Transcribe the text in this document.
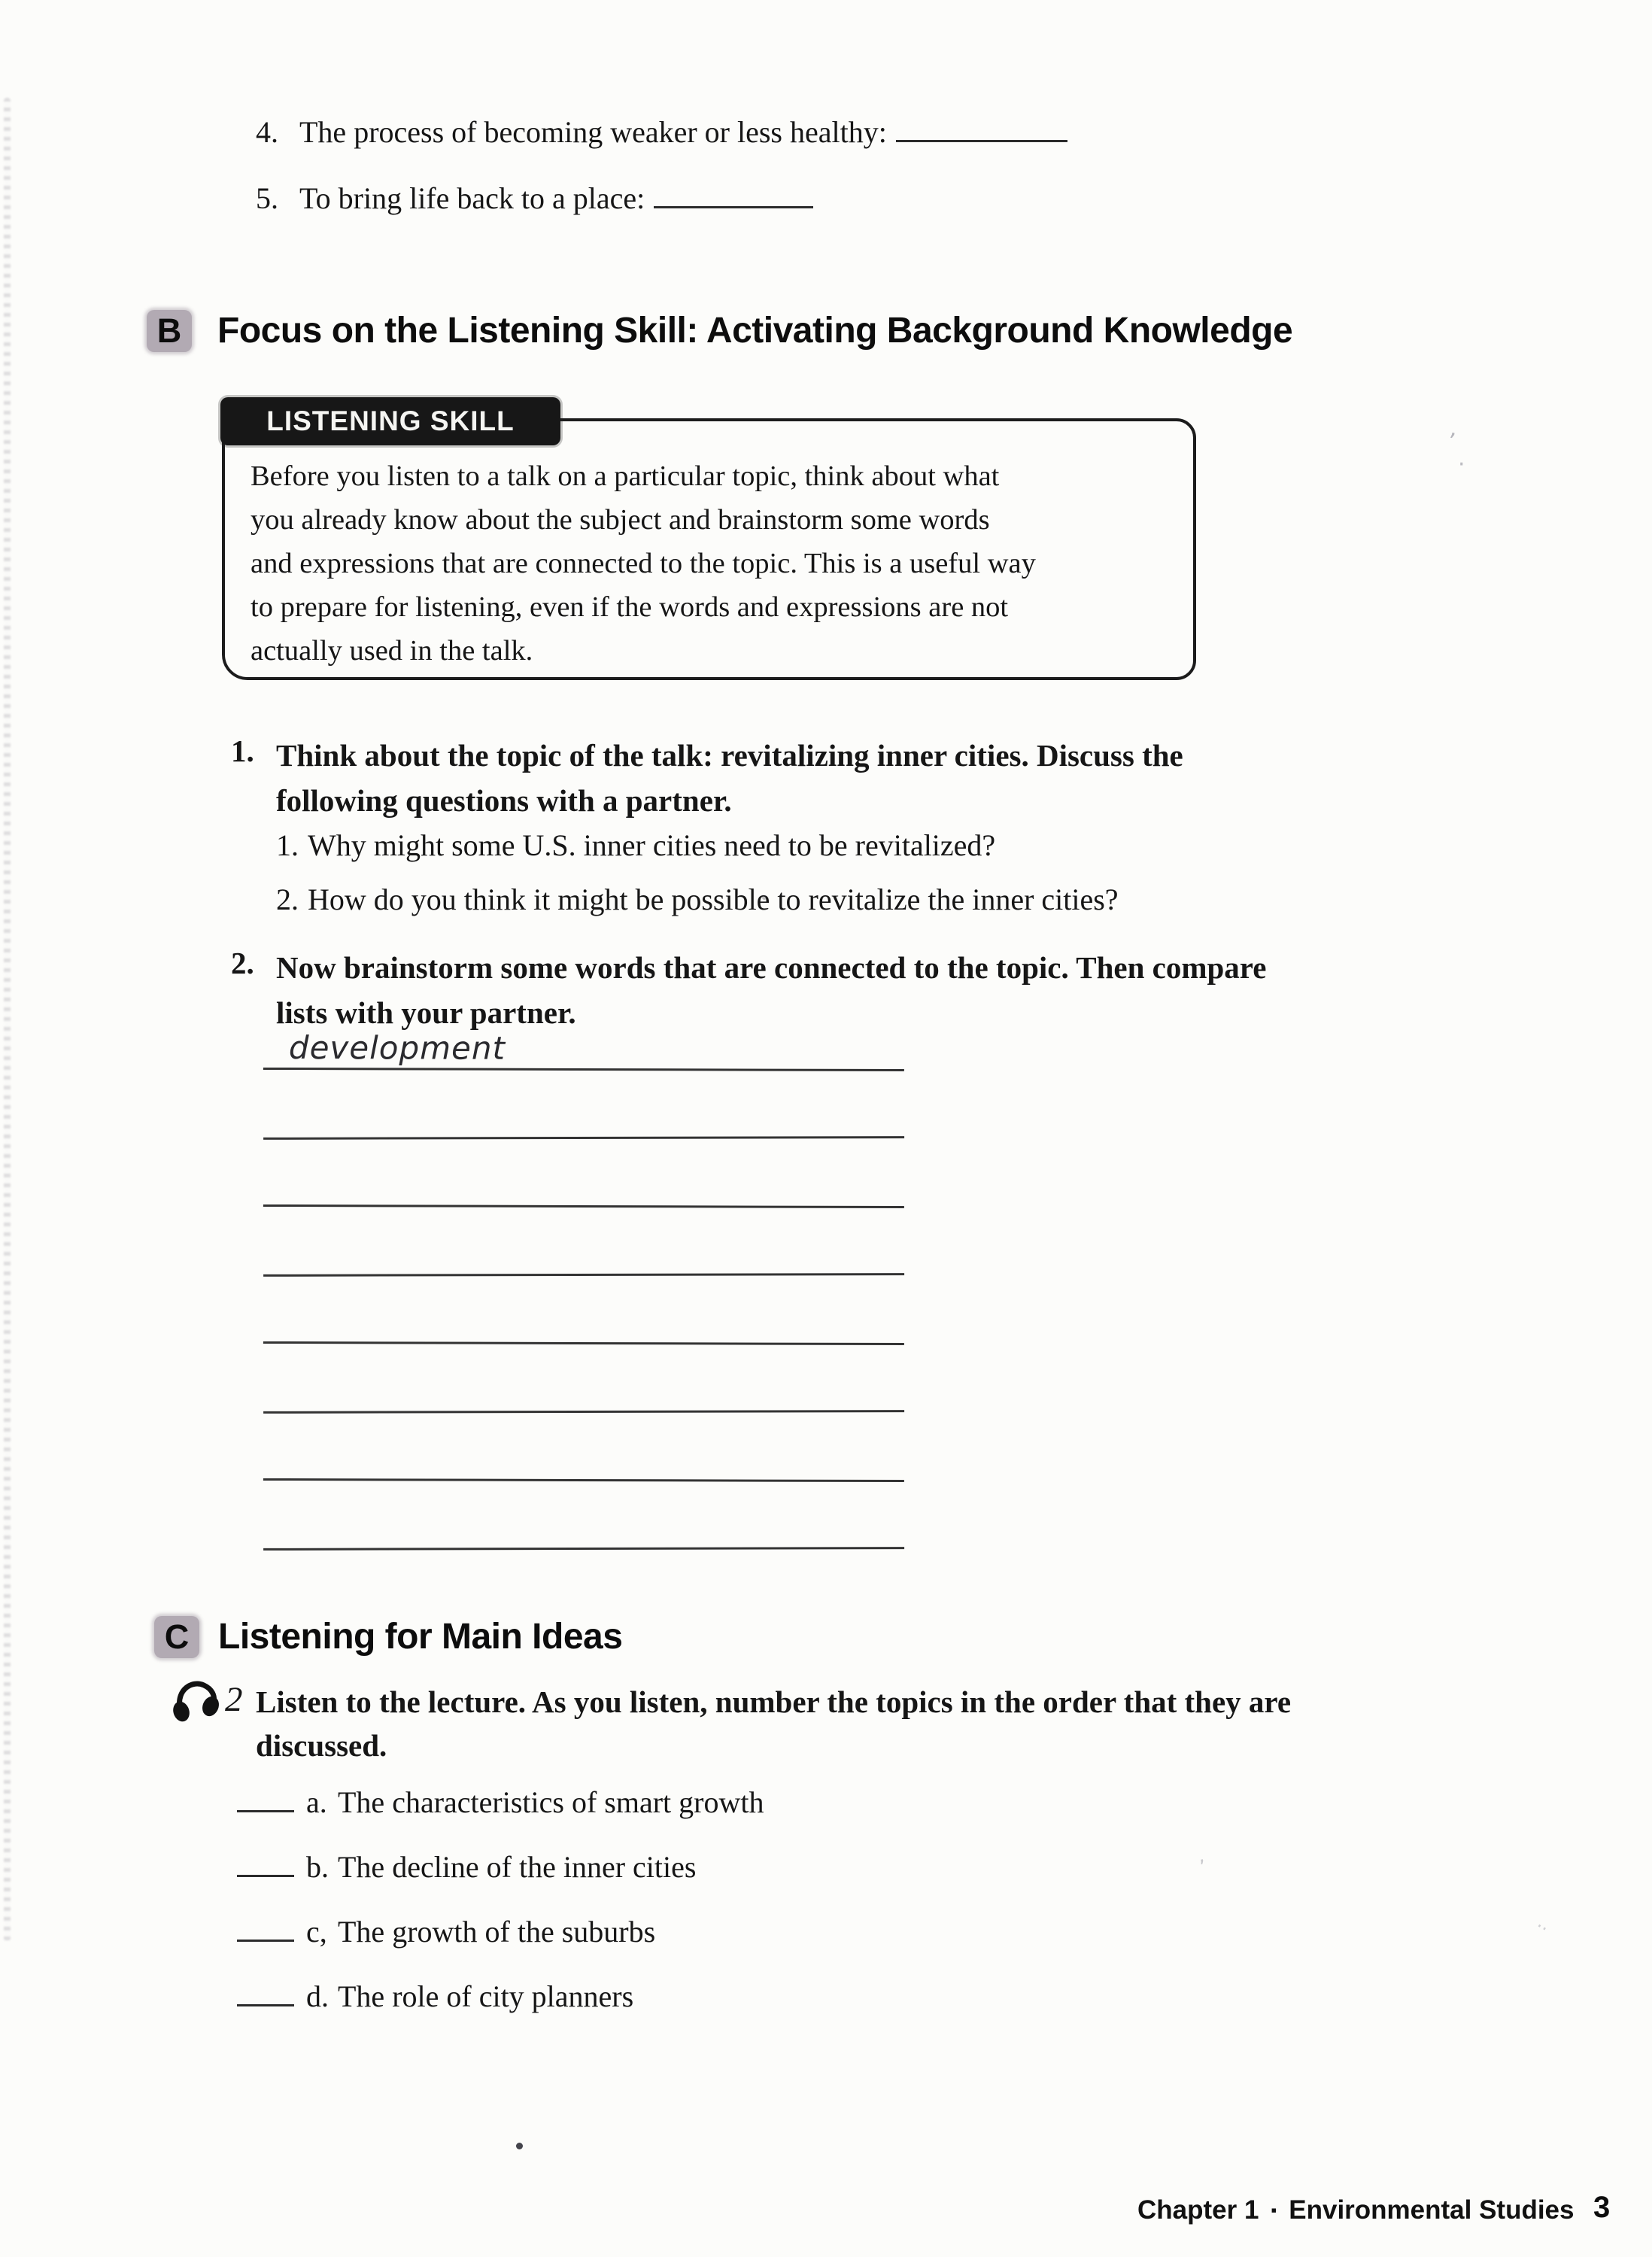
4. The process of becoming weaker or less healthy:
5. To bring life back to a place:
B Focus on the Listening Skill: Activating Background Knowledge
LISTENING SKILL
Before you listen to a talk on a particular topic, think about what
you already know about the subject and brainstorm some words
and expressions that are connected to the topic. This is a useful way
to prepare for listening, even if the words and expressions are not
actually used in the talk.
1. Think about the topic of the talk: revitalizing inner cities. Discuss the
following questions with a partner.
1. Why might some U.S. inner cities need to be revitalized?
2. How do you think it might be possible to revitalize the inner cities?
2. Now brainstorm some words that are connected to the topic. Then compare
lists with your partner.
development
C Listening for Main Ideas
2 Listen to the lecture. As you listen, number the topics in the order that they are
discussed.
a. The characteristics of smart growth
b. The decline of the inner cities
c, The growth of the suburbs
d. The role of city planners
Chapter 1 ▪ Environmental Studies 3
,
·
,
··
